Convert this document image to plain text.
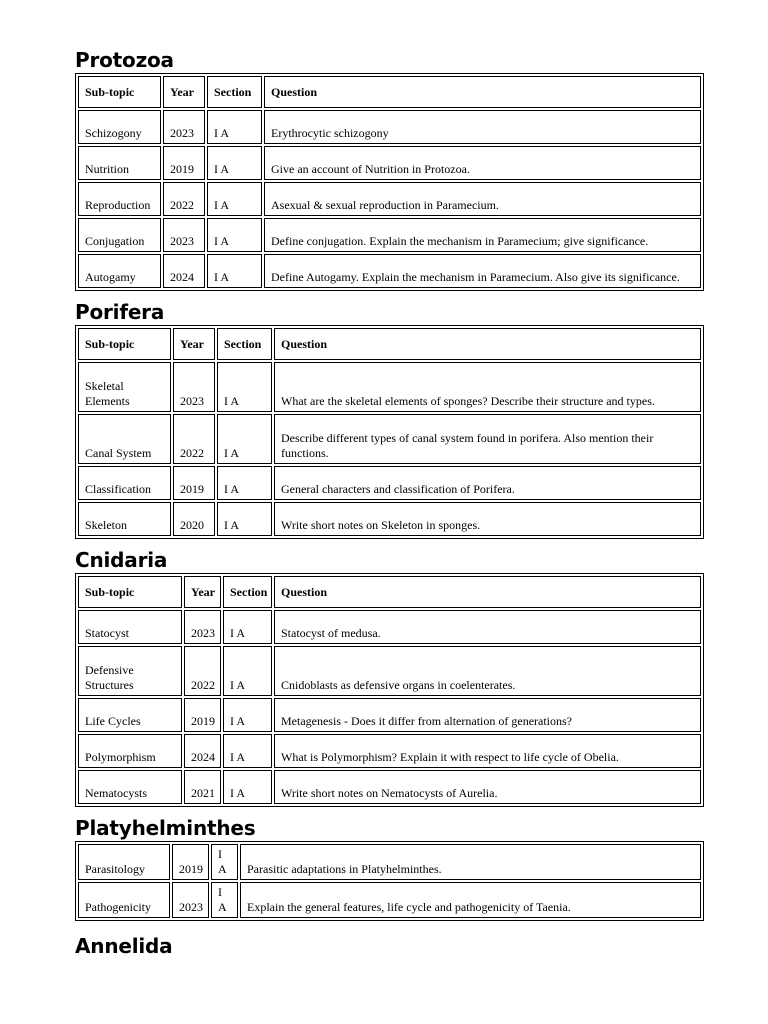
Protozoa
Sub-topic	Year	Section	Question
Schizogony	2023	I A	Erythrocytic schizogony
Nutrition	2019	I A	Give an account of Nutrition in Protozoa.
Reproduction	2022	I A	Asexual & sexual reproduction in Paramecium.
Conjugation	2023	I A	Define conjugation. Explain the mechanism in Paramecium; give significance.
Autogamy	2024	I A	Define Autogamy. Explain the mechanism in Paramecium. Also give its significance.
Porifera
Sub-topic	Year	Section	Question
Skeletal Elements	2023	I A	What are the skeletal elements of sponges? Describe their structure and types.
Canal System	2022	I A	Describe different types of canal system found in porifera. Also mention their functions.
Classification	2019	I A	General characters and classification of Porifera.
Skeleton	2020	I A	Write short notes on Skeleton in sponges.
Cnidaria
Sub-topic	Year	Section	Question
Statocyst	2023	I A	Statocyst of medusa.
Defensive Structures	2022	I A	Cnidoblasts as defensive organs in coelenterates.
Life Cycles	2019	I A	Metagenesis - Does it differ from alternation of generations?
Polymorphism	2024	I A	What is Polymorphism? Explain it with respect to life cycle of Obelia.
Nematocysts	2021	I A	Write short notes on Nematocysts of Aurelia.
Platyhelminthes
Parasitology	2019	I A	Parasitic adaptations in Platyhelminthes.
Pathogenicity	2023	I A	Explain the general features, life cycle and pathogenicity of Taenia.
Annelida
